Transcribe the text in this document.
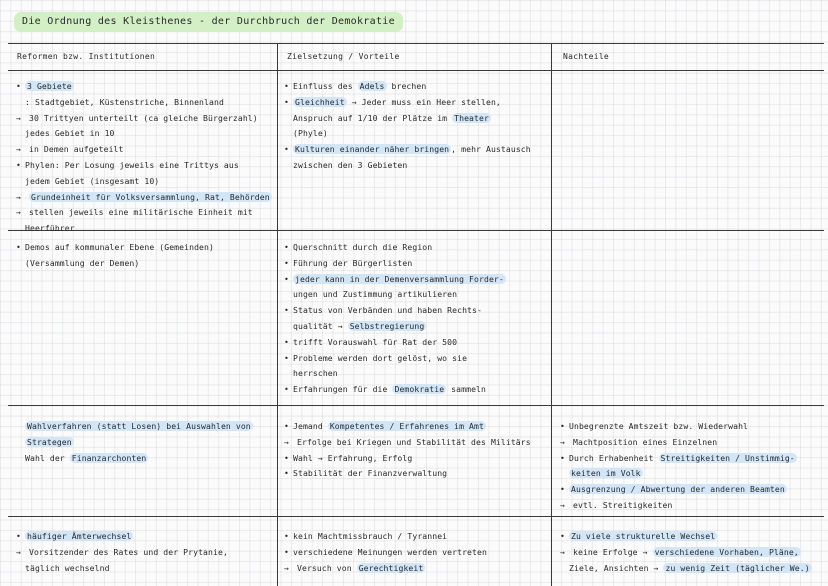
Die Ordnung des Kleisthenes - der Durchbruch der Demokratie
Reformen bzw. Institutionen	Zielsetzung / Vorteile	Nachteile
• 3 Gebiete
: Stadtgebiet, Küstenstriche, Binnenland
→ 30 Trittyen unterteilt (ca gleiche Bürgerzahl)
jedes Gebiet in 10
→ in Demen aufgeteilt
• Phylen: Per Losung jeweils eine Trittys aus
jedem Gebiet (insgesamt 10)
→ Grundeinheit für Volksversammlung, Rat, Behörden
→ stellen jeweils eine militärische Einheit mit
Heerführer
• Einfluss des Adels brechen
• Gleichheit → Jeder muss ein Heer stellen,
Anspruch auf 1/10 der Plätze im Theater
(Phyle)
• Kulturen einander näher bringen , mehr Austausch
zwischen den 3 Gebieten
• Demos auf kommunaler Ebene (Gemeinden)
(Versammlung der Demen)
• Querschnitt durch die Region
• Führung der Bürgerlisten
• jeder kann in der Demenversammlung Forder-
ungen und Zustimmung artikulieren
• Status von Verbänden und haben Rechts-
qualität → Selbstregierung
• trifft Vorauswahl für Rat der 500
• Probleme werden dort gelöst, wo sie
herrschen
• Erfahrungen für die Demokratie sammeln
Wahlverfahren (statt Losen) bei Auswahlen von
Strategen
Wahl der Finanzarchonten
• Jemand Kompetentes / Erfahrenes im Amt
→ Erfolge bei Kriegen und Stabilität des Militärs
• Wahl → Erfahrung, Erfolg
• Stabilität der Finanzverwaltung
• Unbegrenzte Amtszeit bzw. Wiederwahl
→ Machtposition eines Einzelnen
• Durch Erhabenheit Streitigkeiten / Unstimmig-
keiten im Volk
• Ausgrenzung / Abwertung der anderen Beamten
→ evtl. Streitigkeiten
• häufiger Ämterwechsel
→ Vorsitzender des Rates und der Prytanie,
täglich wechselnd
• kein Machtmissbrauch / Tyrannei
• verschiedene Meinungen werden vertreten
→ Versuch von Gerechtigkeit
• Zu viele strukturelle Wechsel
→ keine Erfolge → verschiedene Vorhaben, Pläne,
Ziele, Ansichten → zu wenig Zeit (täglicher We.)
